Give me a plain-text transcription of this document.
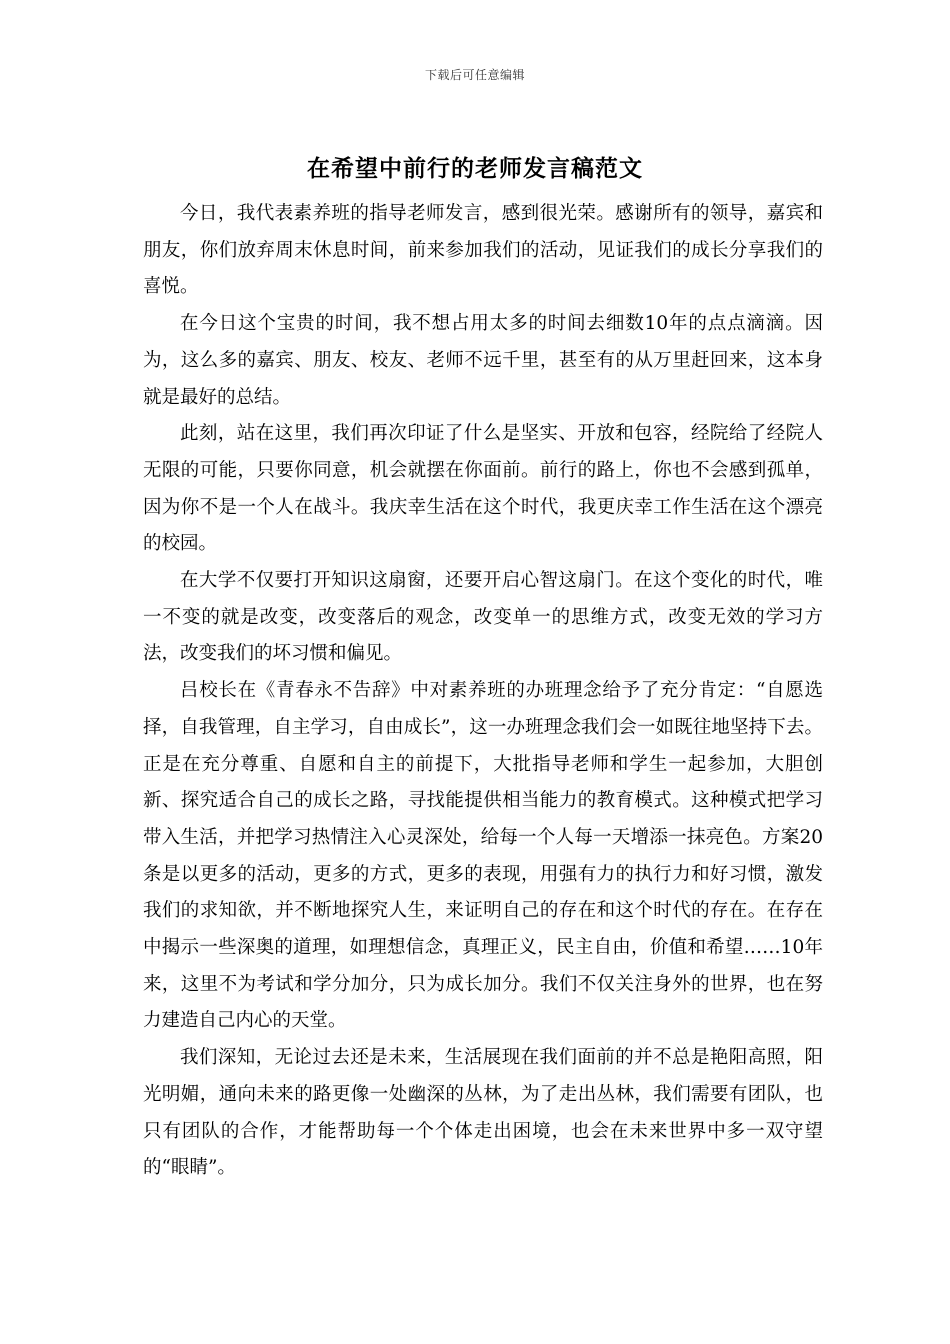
下载后可任意编辑
在希望中前行的老师发言稿范文

今日，我代表素养班的指导老师发言，感到很光荣。感谢所有的领导，嘉宾和朋友，你们放弃周末休息时间，前来参加我们的活动，见证我们的成长分享我们的喜悦。

在今日这个宝贵的时间，我不想占用太多的时间去细数10年的点点滴滴。因为，这么多的嘉宾、朋友、校友、老师不远千里，甚至有的从万里赶回来，这本身就是最好的总结。

此刻，站在这里，我们再次印证了什么是坚实、开放和包容，经院给了经院人无限的可能，只要你同意，机会就摆在你面前。前行的路上，你也不会感到孤单，因为你不是一个人在战斗。我庆幸生活在这个时代，我更庆幸工作生活在这个漂亮的校园。

在大学不仅要打开知识这扇窗，还要开启心智这扇门。在这个变化的时代，唯一不变的就是改变，改变落后的观念，改变单一的思维方式，改变无效的学习方法，改变我们的坏习惯和偏见。

吕校长在《青春永不告辞》中对素养班的办班理念给予了充分肯定：“自愿选择，自我管理，自主学习，自由成长”，这一办班理念我们会一如既往地坚持下去。正是在充分尊重、自愿和自主的前提下，大批指导老师和学生一起参加，大胆创新、探究适合自己的成长之路，寻找能提供相当能力的教育模式。这种模式把学习带入生活，并把学习热情注入心灵深处，给每一个人每一天增添一抹亮色。方案20条是以更多的活动，更多的方式，更多的表现，用强有力的执行力和好习惯，激发我们的求知欲，并不断地探究人生，来证明自己的存在和这个时代的存在。在存在中揭示一些深奥的道理，如理想信念，真理正义，民主自由，价值和希望……10年来，这里不为考试和学分加分，只为成长加分。我们不仅关注身外的世界，也在努力建造自己内心的天堂。

我们深知，无论过去还是未来，生活展现在我们面前的并不总是艳阳高照，阳光明媚，通向未来的路更像一处幽深的丛林，为了走出丛林，我们需要有团队，也只有团队的合作，才能帮助每一个个体走出困境，也会在未来世界中多一双守望的“眼睛”。
